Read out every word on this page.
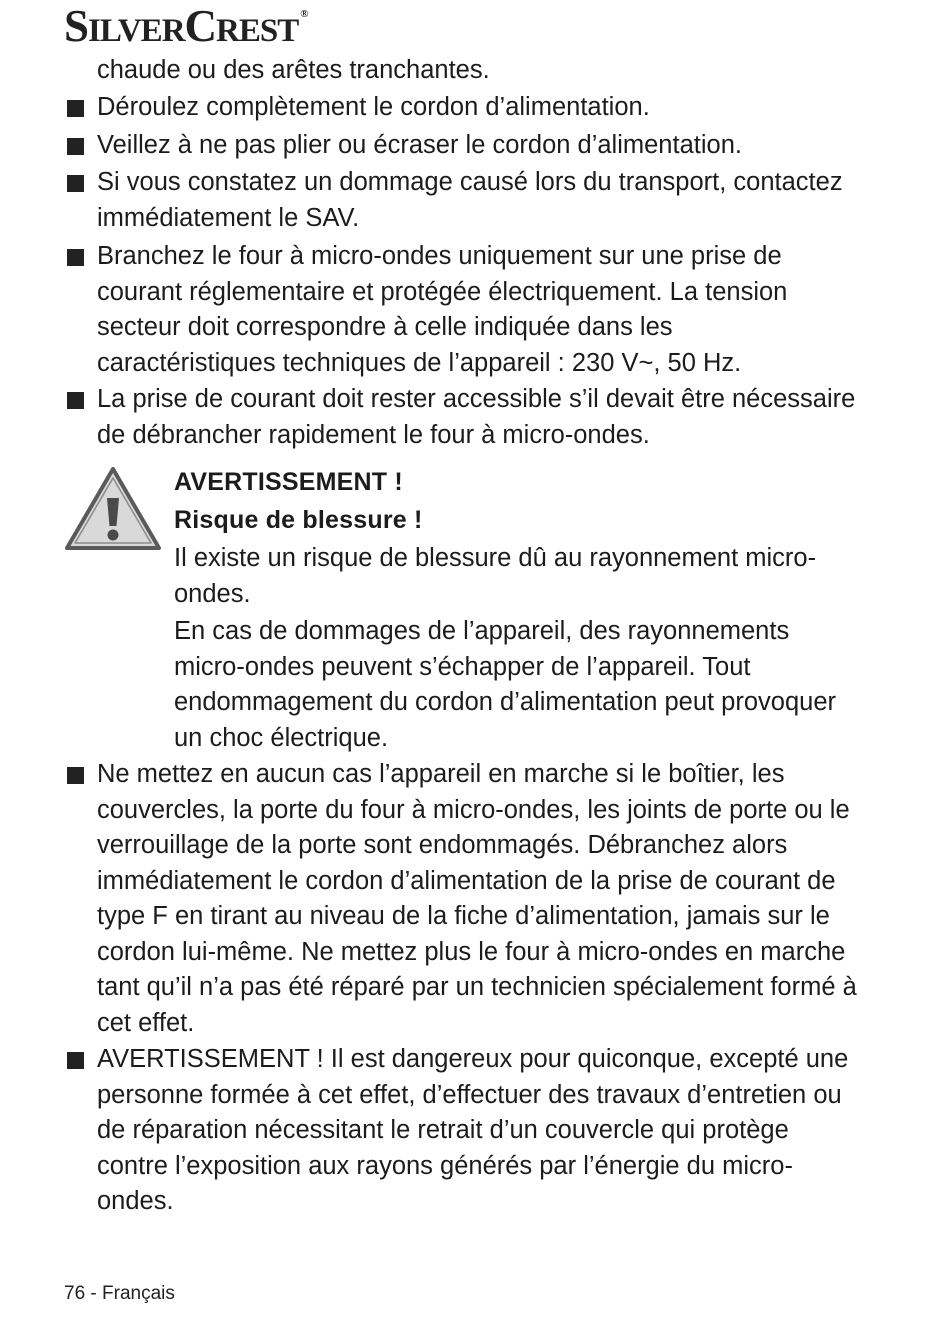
SILVERCREST ®
chaude ou des arêtes tranchantes.
Déroulez complètement le cordon d’alimentation.
Veillez à ne pas plier ou écraser le cordon d’alimentation.
Si vous constatez un dommage causé lors du transport, contactez immédiatement le SAV.
Branchez le four à micro-ondes uniquement sur une prise de courant réglementaire et protégée électriquement. La tension secteur doit correspondre à celle indiquée dans les caractéristiques techniques de l’appareil : 230 V~, 50 Hz.
La prise de courant doit rester accessible s’il devait être nécessaire de débrancher rapidement le four à micro-ondes.
AVERTISSEMENT !
Risque de blessure !
Il existe un risque de blessure dû au rayonnement micro-ondes.
En cas de dommages de l’appareil, des rayonnements micro-ondes peuvent s’échapper de l’appareil. Tout endommagement du cordon d’alimentation peut provoquer un choc électrique.
Ne mettez en aucun cas l’appareil en marche si le boîtier, les couvercles, la porte du four à micro-ondes, les joints de porte ou le verrouillage de la porte sont endommagés. Débranchez alors immédiatement le cordon d’alimentation de la prise de courant de type F en tirant au niveau de la fiche d’alimentation, jamais sur le cordon lui-même. Ne mettez plus le four à micro-ondes en marche tant qu’il n’a pas été réparé par un technicien spécialement formé à cet effet.
AVERTISSEMENT ! Il est dangereux pour quiconque, excepté une personne formée à cet effet, d’effectuer des travaux d’entretien ou de réparation nécessitant le retrait d’un couvercle qui protège contre l’exposition aux rayons générés par l’énergie du micro-ondes.
76 - Français
